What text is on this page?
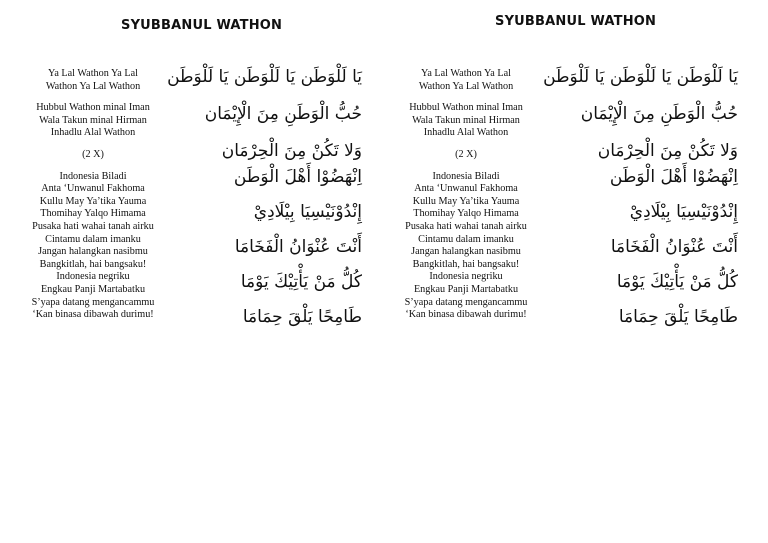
SYUBBANUL WATHON
Ya Lal Wathon Ya Lal
Wathon Ya Lal Wathon
Hubbul Wathon minal Iman
Wala Takun minal Hirman
Inhadlu Alal Wathon
(2 X)
Indonesia Biladi
Anta ‘Unwanul Fakhoma
Kullu May Ya’tika Yauma
Thomihay Yalqo Himama
Pusaka hati wahai tanah airku
Cintamu dalam imanku
Jangan halangkan nasibmu
Bangkitlah, hai bangsaku!
Indonesia negriku
Engkau Panji Martabatku
S’yapa datang mengancammu
‘Kan binasa dibawah durimu!
يَا لَلْوَطَن يَا لَلْوَطَن يَا لَلْوَطَن
حُبُّ الْوَطَنِ مِنَ الْإِيْمَان
وَلا تَكُنْ مِنَ الْحِرْمَان
اِنْهَضُوْا أَهْلَ الْوَطَن
إِنْدُوْنَيْسِيَا بِيْلَادِيْ
أَنْتَ عُنْوَانُ الْفَخَامَا
كُلُّ مَنْ يَأْتِيْكَ يَوْمَا
طَامِحًا يَلْقَ حِمَامَا
SYUBBANUL WATHON
Ya Lal Wathon Ya Lal
Wathon Ya Lal Wathon
Hubbul Wathon minal Iman
Wala Takun minal Hirman
Inhadlu Alal Wathon
(2 X)
Indonesia Biladi
Anta ‘Unwanul Fakhoma
Kullu May Ya’tika Yauma
Thomihay Yalqo Himama
Pusaka hati wahai tanah airku
Cintamu dalam imanku
Jangan halangkan nasibmu
Bangkitlah, hai bangsaku!
Indonesia negriku
Engkau Panji Martabatku
S’yapa datang mengancammu
‘Kan binasa dibawah durimu!
يَا لَلْوَطَن يَا لَلْوَطَن يَا لَلْوَطَن
حُبُّ الْوَطَنِ مِنَ الْإِيْمَان
وَلا تَكُنْ مِنَ الْحِرْمَان
اِنْهَضُوْا أَهْلَ الْوَطَن
إِنْدُوْنَيْسِيَا بِيْلَادِيْ
أَنْتَ عُنْوَانُ الْفَخَامَا
كُلُّ مَنْ يَأْتِيْكَ يَوْمَا
طَامِحًا يَلْقَ حِمَامَا
